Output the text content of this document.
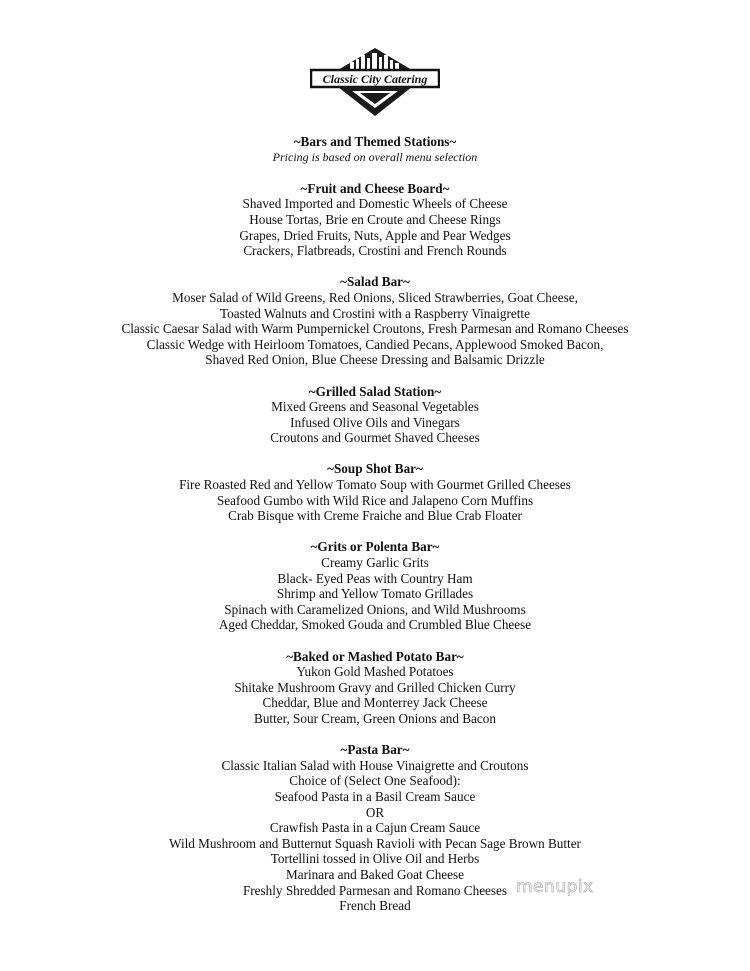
Classic City Catering
~Bars and Themed Stations~
Pricing is based on overall menu selection
~Fruit and Cheese Board~
Shaved Imported and Domestic Wheels of Cheese
House Tortas, Brie en Croute and Cheese Rings
Grapes, Dried Fruits, Nuts, Apple and Pear Wedges
Crackers, Flatbreads, Crostini and French Rounds
~Salad Bar~
Moser Salad of Wild Greens, Red Onions, Sliced Strawberries, Goat Cheese,
Toasted Walnuts and Crostini with a Raspberry Vinaigrette
Classic Caesar Salad with Warm Pumpernickel Croutons, Fresh Parmesan and Romano Cheeses
Classic Wedge with Heirloom Tomatoes, Candied Pecans, Applewood Smoked Bacon,
Shaved Red Onion, Blue Cheese Dressing and Balsamic Drizzle
~Grilled Salad Station~
Mixed Greens and Seasonal Vegetables
Infused Olive Oils and Vinegars
Croutons and Gourmet Shaved Cheeses
~Soup Shot Bar~
Fire Roasted Red and Yellow Tomato Soup with Gourmet Grilled Cheeses
Seafood Gumbo with Wild Rice and Jalapeno Corn Muffins
Crab Bisque with Creme Fraiche and Blue Crab Floater
~Grits or Polenta Bar~
Creamy Garlic Grits
Black- Eyed Peas with Country Ham
Shrimp and Yellow Tomato Grillades
Spinach with Caramelized Onions, and Wild Mushrooms
Aged Cheddar, Smoked Gouda and Crumbled Blue Cheese
~Baked or Mashed Potato Bar~
Yukon Gold Mashed Potatoes
Shitake Mushroom Gravy and Grilled Chicken Curry
Cheddar, Blue and Monterrey Jack Cheese
Butter, Sour Cream, Green Onions and Bacon
~Pasta Bar~
Classic Italian Salad with House Vinaigrette and Croutons
Choice of (Select One Seafood):
Seafood Pasta in a Basil Cream Sauce
OR
Crawfish Pasta in a Cajun Cream Sauce
Wild Mushroom and Butternut Squash Ravioli with Pecan Sage Brown Butter
Tortellini tossed in Olive Oil and Herbs
Marinara and Baked Goat Cheese
Freshly Shredded Parmesan and Romano Cheeses
French Bread
menupix
